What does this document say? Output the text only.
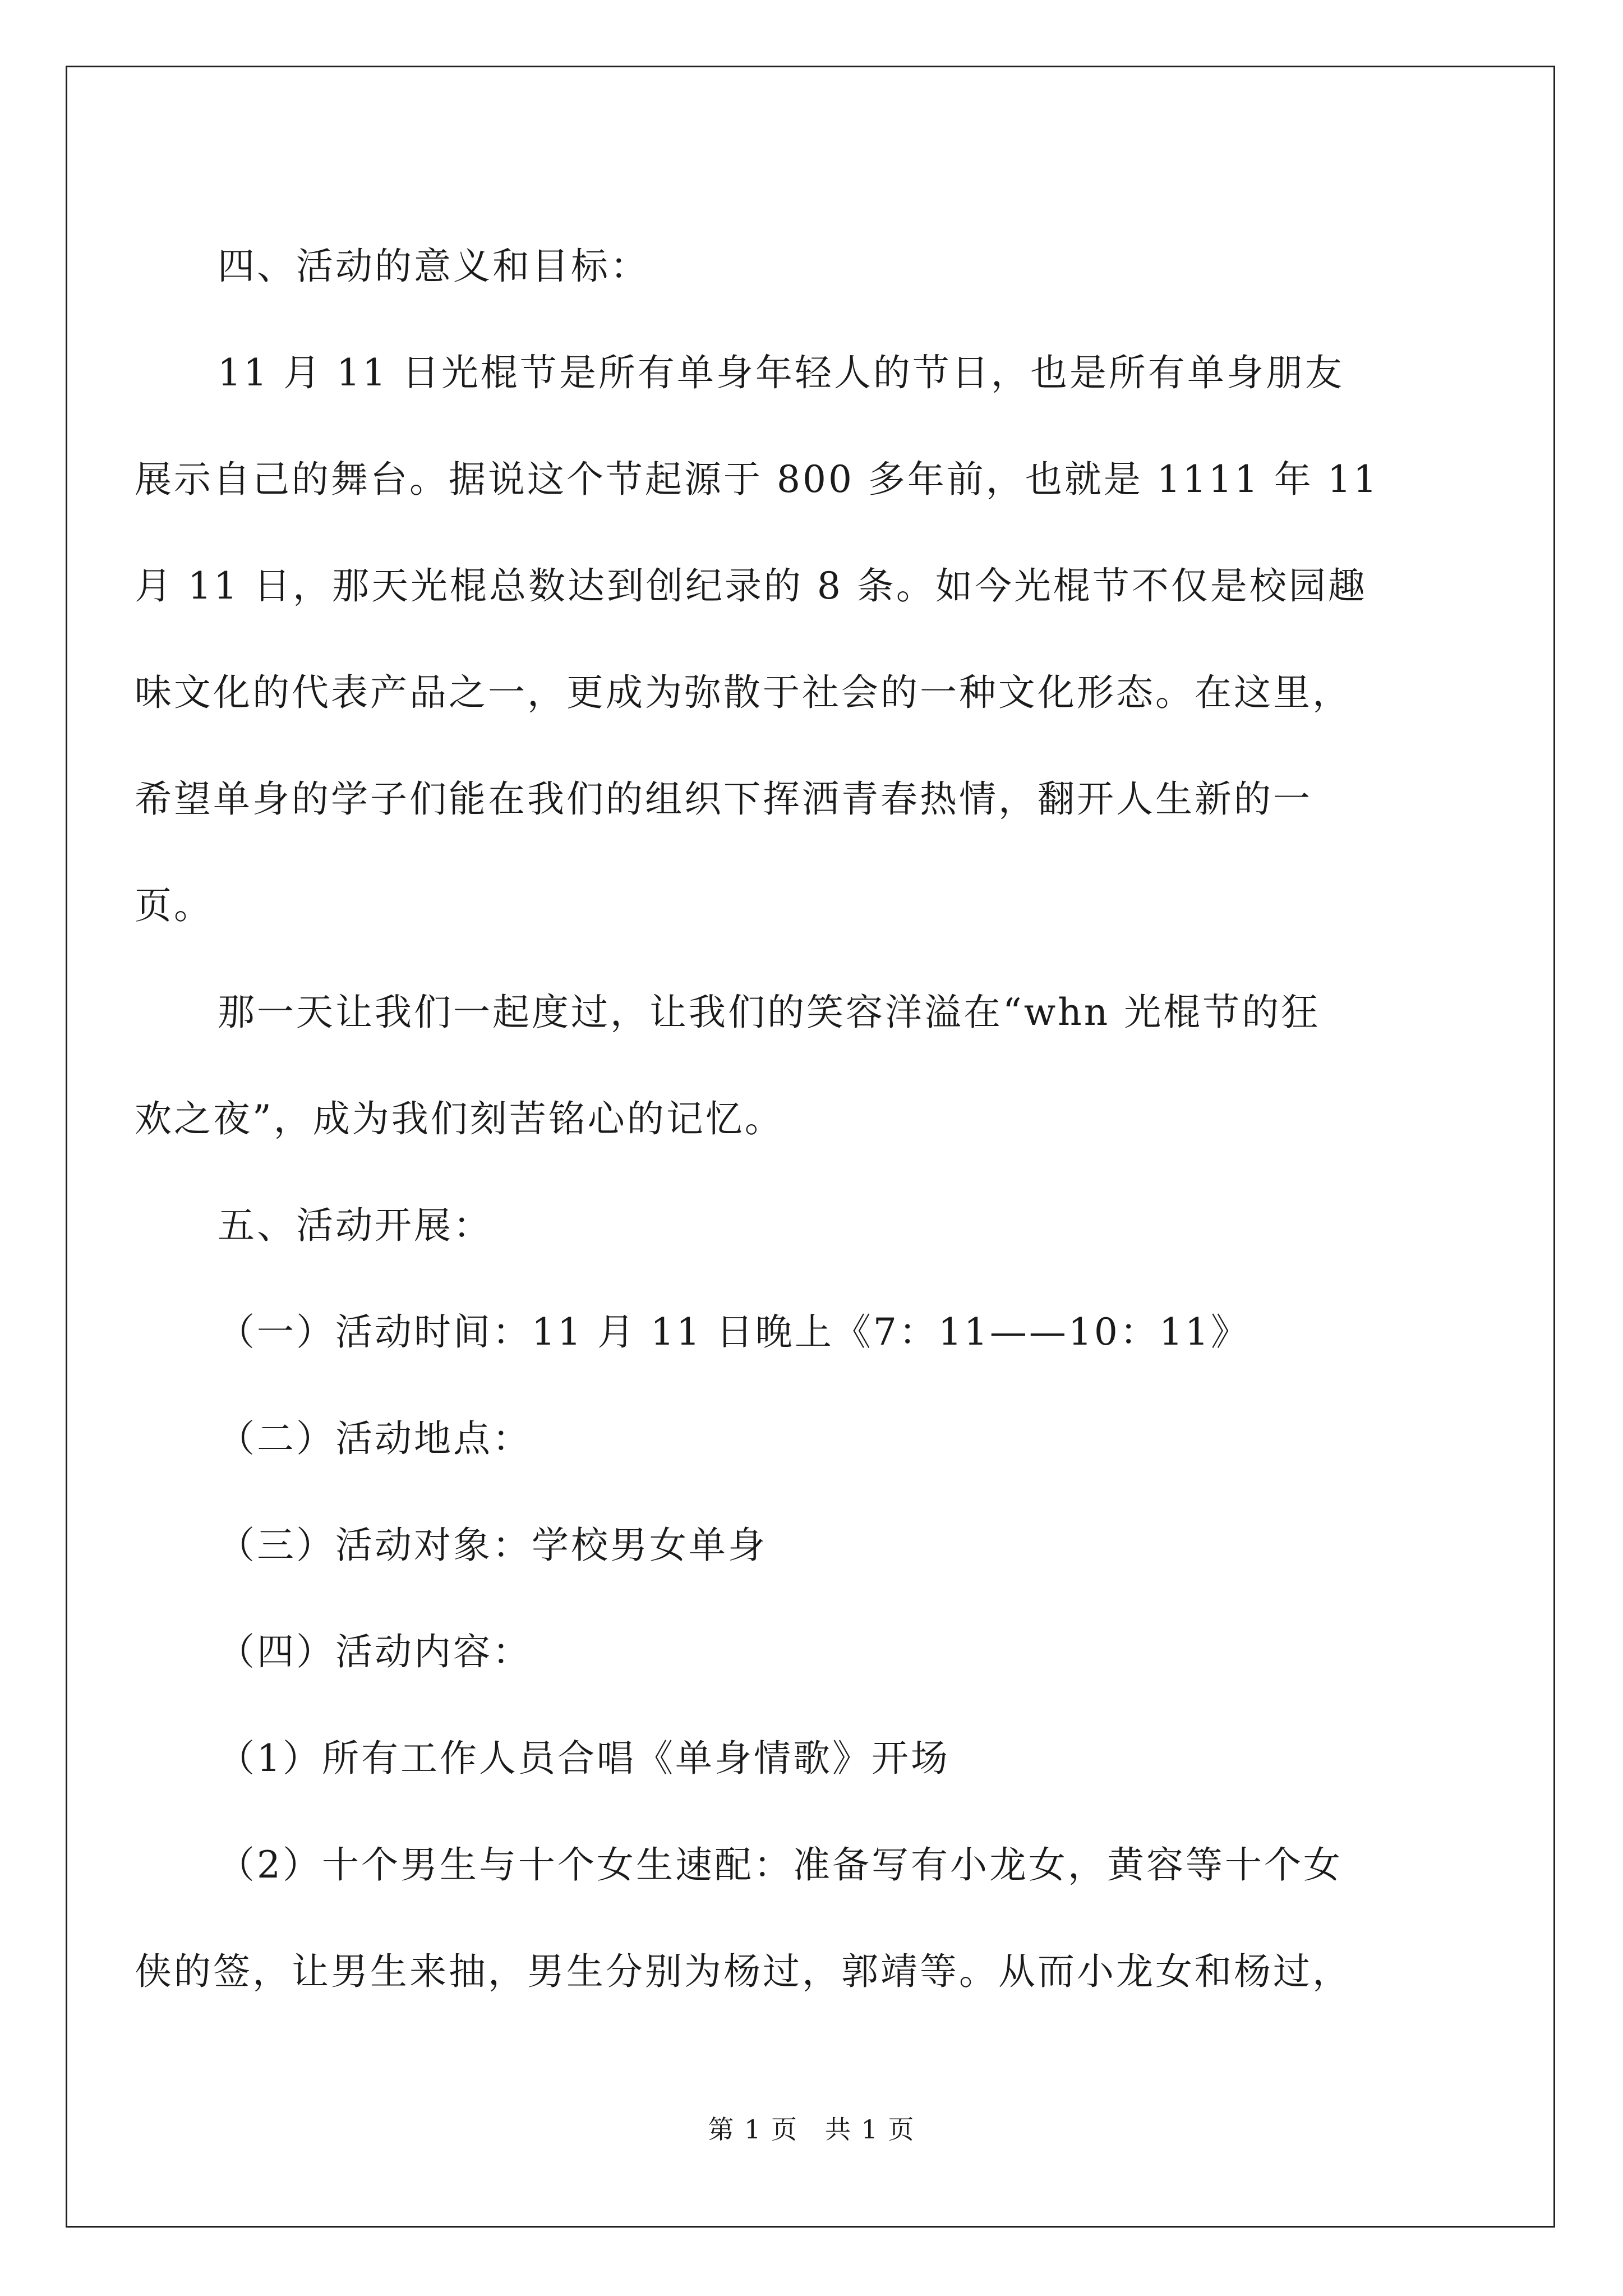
四、活动的意义和目标：
11 月 11 日光棍节是所有单身年轻人的节日，也是所有单身朋友
展示自己的舞台。据说这个节起源于 800 多年前，也就是 1111 年 11
月 11 日，那天光棍总数达到创纪录的 8 条。如今光棍节不仅是校园趣
味文化的代表产品之一，更成为弥散于社会的一种文化形态。在这里，
希望单身的学子们能在我们的组织下挥洒青春热情，翻开人生新的一
页。
那一天让我们一起度过，让我们的笑容洋溢在“whn 光棍节的狂
欢之夜”，成为我们刻苦铭心的记忆。
五、活动开展：
（一）活动时间：11 月 11 日晚上《7：11——10：11》
（二）活动地点：
（三）活动对象：学校男女单身
（四）活动内容：
（1）所有工作人员合唱《单身情歌》开场
（2）十个男生与十个女生速配：准备写有小龙女，黄容等十个女
侠的签，让男生来抽，男生分别为杨过，郭靖等。从而小龙女和杨过，
第 1 页　共 1 页
